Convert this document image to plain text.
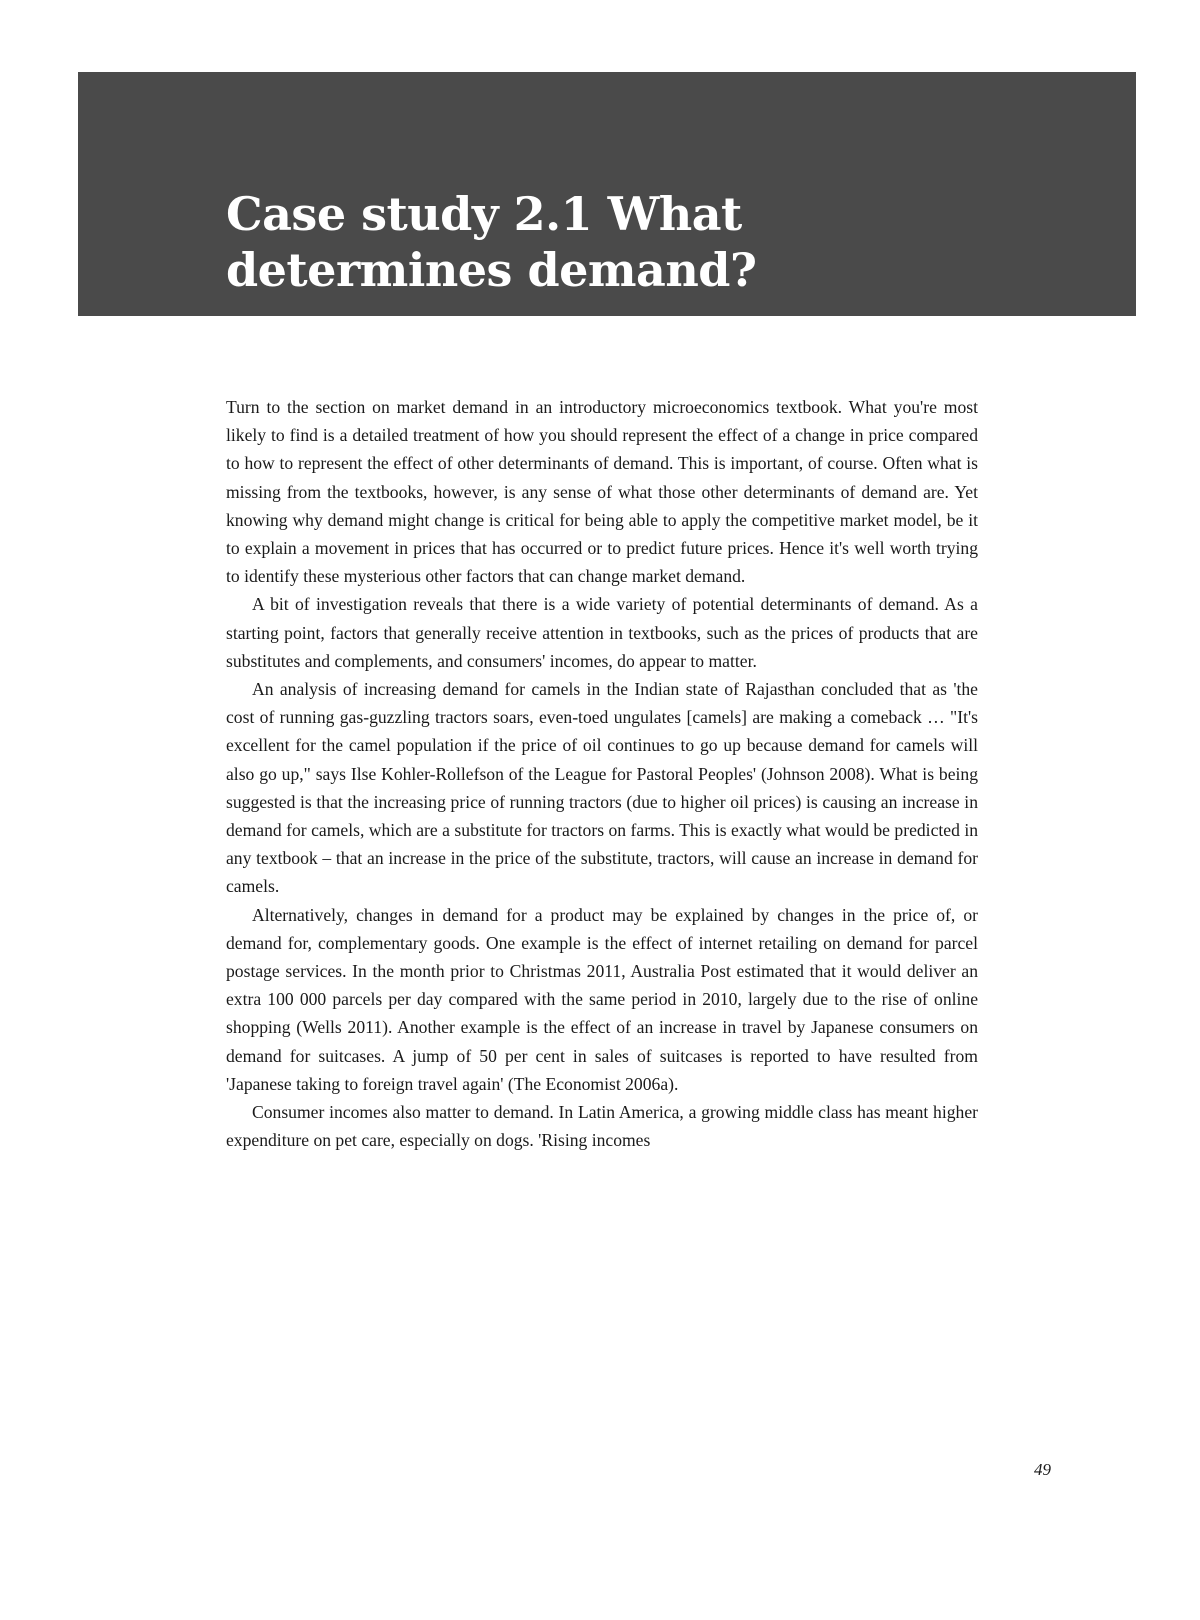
Case study 2.1 What
determines demand?

Turn to the section on market demand in an introductory microeconomics textbook. What you're most likely to find is a detailed treatment of how you should represent the effect of a change in price compared to how to represent the effect of other determinants of demand. This is important, of course. Often what is missing from the textbooks, however, is any sense of what those other determinants of demand are. Yet knowing why demand might change is critical for being able to apply the competitive market model, be it to explain a movement in prices that has occurred or to predict future prices. Hence it's well worth trying to identify these mysterious other factors that can change market demand.

A bit of investigation reveals that there is a wide variety of potential determinants of demand. As a starting point, factors that generally receive attention in textbooks, such as the prices of products that are substitutes and complements, and consumers' incomes, do appear to matter.

An analysis of increasing demand for camels in the Indian state of Rajasthan concluded that as 'the cost of running gas-guzzling tractors soars, even-toed ungulates [camels] are making a comeback … "It's excellent for the camel population if the price of oil continues to go up because demand for camels will also go up," says Ilse Kohler-Rollefson of the League for Pastoral Peoples' (Johnson 2008). What is being suggested is that the increasing price of running tractors (due to higher oil prices) is causing an increase in demand for camels, which are a substitute for tractors on farms. This is exactly what would be predicted in any textbook – that an increase in the price of the substitute, tractors, will cause an increase in demand for camels.

Alternatively, changes in demand for a product may be explained by changes in the price of, or demand for, complementary goods. One example is the effect of internet retailing on demand for parcel postage services. In the month prior to Christmas 2011, Australia Post estimated that it would deliver an extra 100 000 parcels per day compared with the same period in 2010, largely due to the rise of online shopping (Wells 2011). Another example is the effect of an increase in travel by Japanese consumers on demand for suitcases. A jump of 50 per cent in sales of suitcases is reported to have resulted from 'Japanese taking to foreign travel again' (The Economist 2006a).

Consumer incomes also matter to demand. In Latin America, a growing middle class has meant higher expenditure on pet care, especially on dogs. 'Rising incomes

49
